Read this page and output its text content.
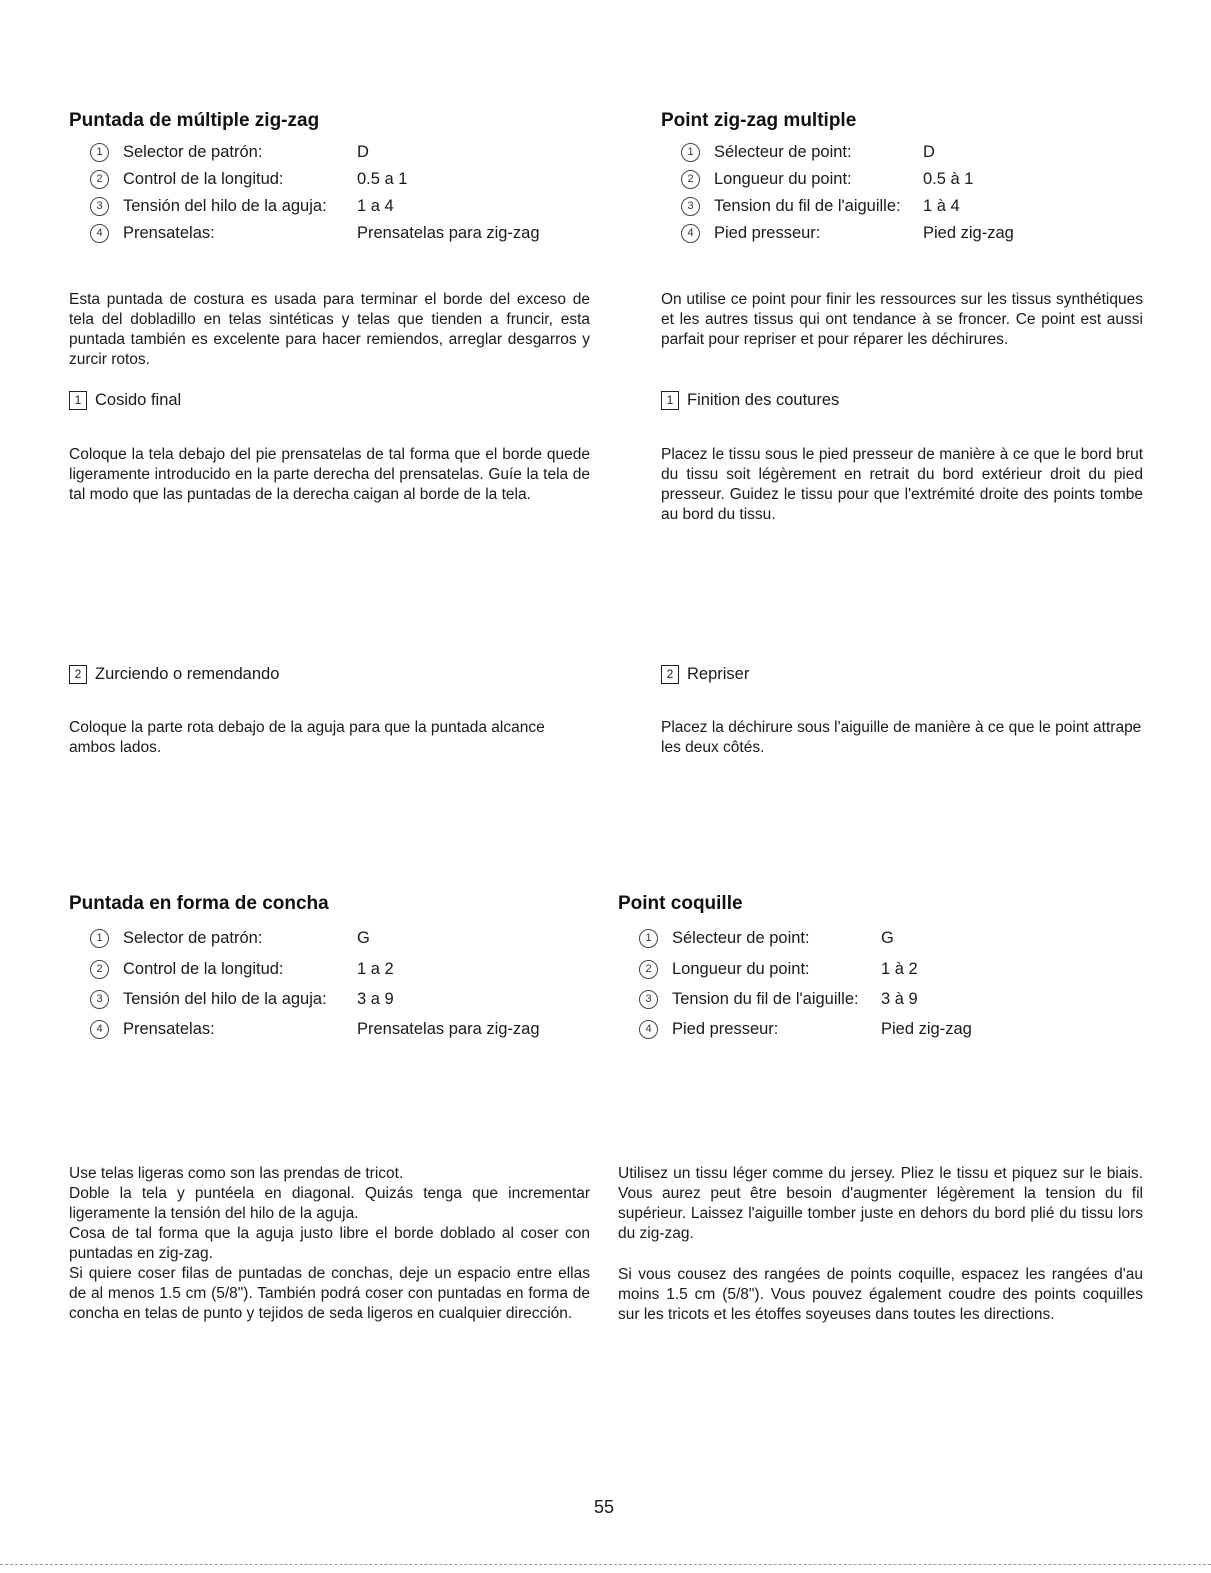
Puntada de múltiple zig-zag
1	Selector de patrón:	D
2	Control de la longitud:	0.5 a 1
3	Tensión del hilo de la aguja: 1 a 4
4	Prensatelas:	Prensatelas para zig-zag
Esta puntada de costura es usada para terminar el borde del exceso de tela del dobladillo en telas sintéticas y telas que tienden a fruncir, esta puntada también es excelente para hacer remiendos, arreglar desgarros y zurcir rotos.
1 Cosido final
Coloque la tela debajo del pie prensatelas de tal forma que el borde quede ligeramente introducido en la parte derecha del prensatelas. Guíe la tela de tal modo que las puntadas de la derecha caigan al borde de la tela.
2 Zurciendo o remendando
Coloque la parte rota debajo de la aguja para que la puntada alcance ambos lados.
Point zig-zag multiple
1	Sélecteur de point:	D
2	Longueur du point:	0.5 à 1
3	Tension du fil de l'aiguille: 1 à 4
4	Pied presseur:	Pied zig-zag
On utilise ce point pour finir les ressources sur les tissus synthétiques et les autres tissus qui ont tendance à se froncer. Ce point est aussi parfait pour repriser et pour réparer les déchirures.
1 Finition des coutures
Placez le tissu sous le pied presseur de manière à ce que le bord brut du tissu soit légèrement en retrait du bord extérieur droit du pied presseur. Guidez le tissu pour que l'extrémité droite des points tombe au bord du tissu.
2 Repriser
Placez la déchirure sous l'aiguille de manière à ce que le point attrape les deux côtés.
Puntada en forma de concha
1	Selector de patrón:	G
2	Control de la longitud:	1 a 2
3	Tensión del hilo de la aguja: 3 a 9
4	Prensatelas:	Prensatelas para zig-zag
Use telas ligeras como son las prendas de tricot.
Doble la tela y puntéela en diagonal. Quizás tenga que incrementar ligeramente la tensión del hilo de la aguja.
Cosa de tal forma que la aguja justo libre el borde doblado al coser con puntadas en zig-zag.
Si quiere coser filas de puntadas de conchas, deje un espacio entre ellas de al menos 1.5 cm (5/8"). También podrá coser con puntadas en forma de concha en telas de punto y tejidos de seda ligeros en cualquier dirección.
Point coquille
1	Sélecteur de point:	G
2	Longueur du point:	1 à 2
3	Tension du fil de l'aiguille: 3 à 9
4	Pied presseur:	Pied zig-zag
Utilisez un tissu léger comme du jersey. Pliez le tissu et piquez sur le biais. Vous aurez peut être besoin d'augmenter légèrement la tension du fil supérieur. Laissez l'aiguille tomber juste en dehors du bord plié du tissu lors du zig-zag.
Si vous cousez des rangées de points coquille, espacez les rangées d'au moins 1.5 cm (5/8"). Vous pouvez également coudre des points coquilles sur les tricots et les étoffes soyeuses dans toutes les directions.
55
